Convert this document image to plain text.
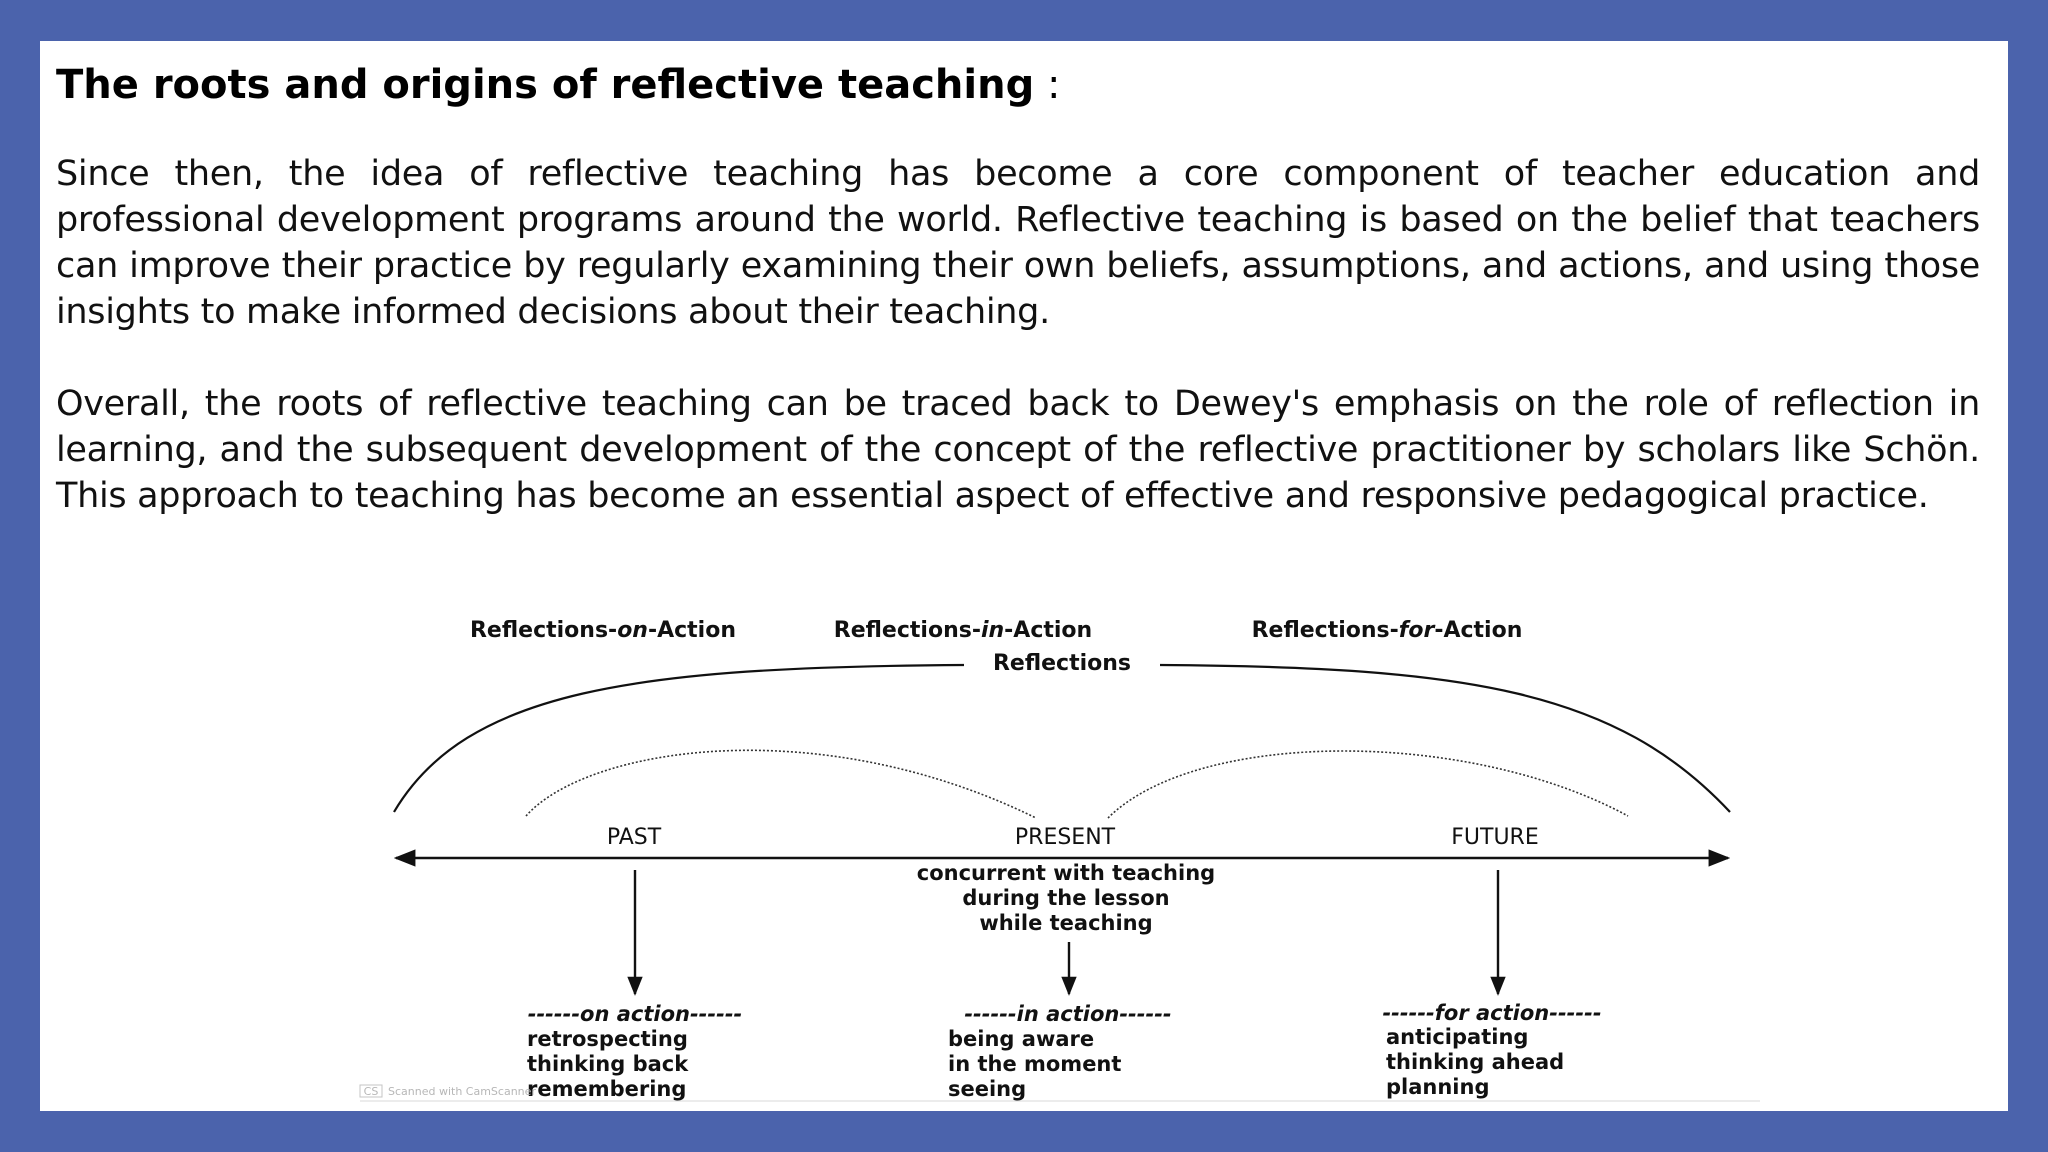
The roots and origins of reflective teaching :

Since then, the idea of reflective teaching has become a core component of teacher education and professional development programs around the world. Reflective teaching is based on the belief that teachers can improve their practice by regularly examining their own beliefs, assumptions, and actions, and using those insights to make informed decisions about their teaching.

Overall, the roots of reflective teaching can be traced back to Dewey's emphasis on the role of reflection in learning, and the subsequent development of the concept of the reflective practitioner by scholars like Schön. This approach to teaching has become an essential aspect of effective and responsive pedagogical practice.

Reflections-on-Action	Reflections-in-Action	Reflections-for-Action
Reflections
PAST	PRESENT	FUTURE
concurrent with teaching
during the lesson
while teaching
------on action------
retrospecting
thinking back
remembering
------in action------
being aware
in the moment
seeing
------for action------
anticipating
thinking ahead
planning
CS Scanned with CamScanner
